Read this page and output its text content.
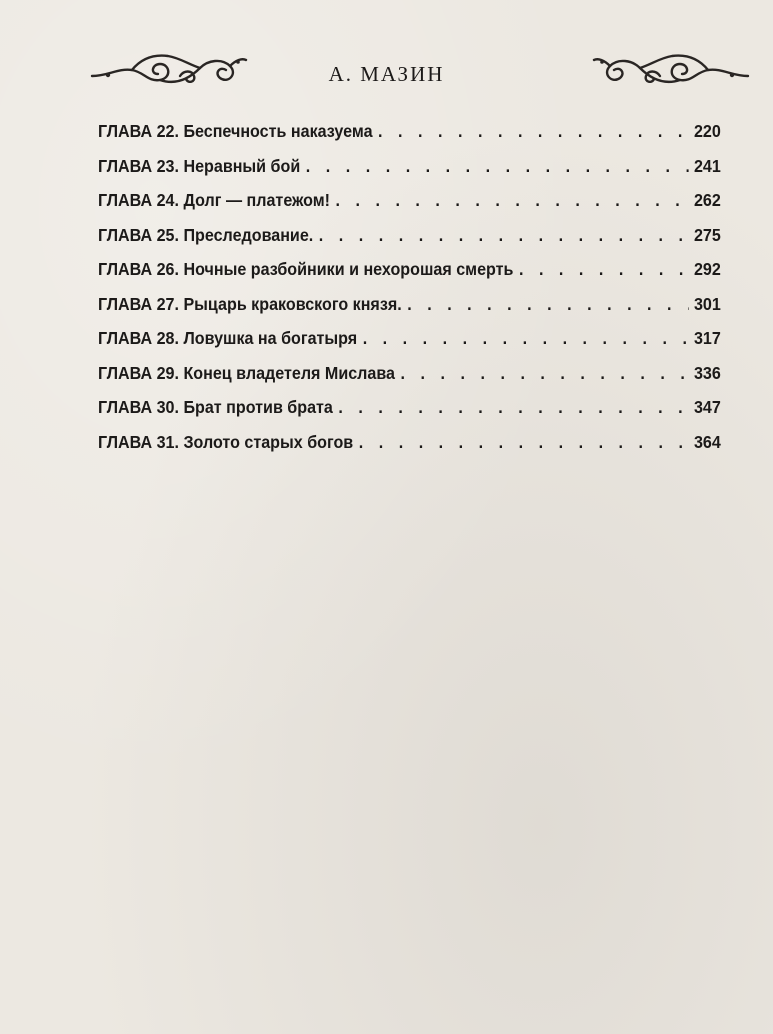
А. МАЗИН
ГЛАВА 22. Беспечность наказуема . . .	220
ГЛАВА 23. Неравный бой . . .	241
ГЛАВА 24. Долг — платежом! . . .	262
ГЛАВА 25. Преследование. . . .	275
ГЛАВА 26. Ночные разбойники и нехорошая смерть . . .	292
ГЛАВА 27. Рыцарь краковского князя. . . .	301
ГЛАВА 28. Ловушка на богатыря . . .	317
ГЛАВА 29. Конец владетеля Мислава . . .	336
ГЛАВА 30. Брат против брата . . .	347
ГЛАВА 31. Золото старых богов . . .	364
